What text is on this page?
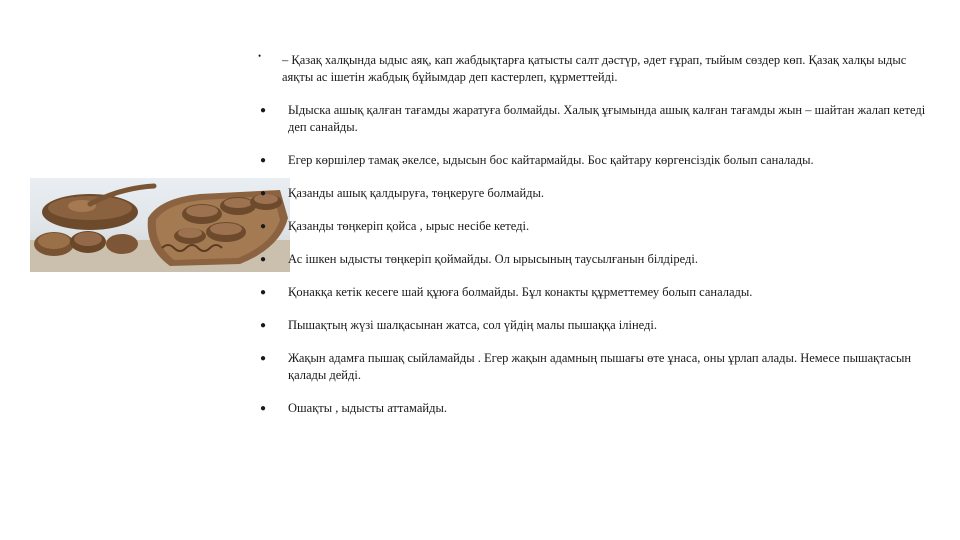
• – Қазақ халқында ыдыс аяқ, кап жабдықтарға қатысты салт дәстүр, әдет ғұрап, тыйым сөздер көп. Қазақ халқы ыдыс аяқты ас ішетін жабдық бұйымдар деп кастерлеп, құрметтейді.
● Ыдыска ашық қалған тағамды жаратуға болмайды. Халық ұғымында ашық калған тағамды жын – шайтан жалап кетеді деп санайды.
● Егер көршілер тамақ әкелсе, ыдысын бос кайтармайды. Бос қайтару көргенсіздік болып саналады.
● Қазанды ашық қалдыруға, төңкеруге болмайды.
● Қазанды төңкеріп қойса , ырыс несібе кетеді.
● Ас ішкен ыдысты төңкеріп қоймайды. Ол ырысының таусылғанын білдіреді.
● Қонакқа кетік кесеге шай құюға болмайды. Бұл конакты құрметтемеу болып саналады.
● Пышақтың жүзі шалқасынан жатса, сол үйдің малы пышаққа ілінеді.
● Жақын адамға пышақ сыйламайды . Егер жақын адамның пышағы өте ұнаса, оны ұрлап алады. Немесе пышақтасын қалады дейді.
● Ошақты , ыдысты аттамайды.
